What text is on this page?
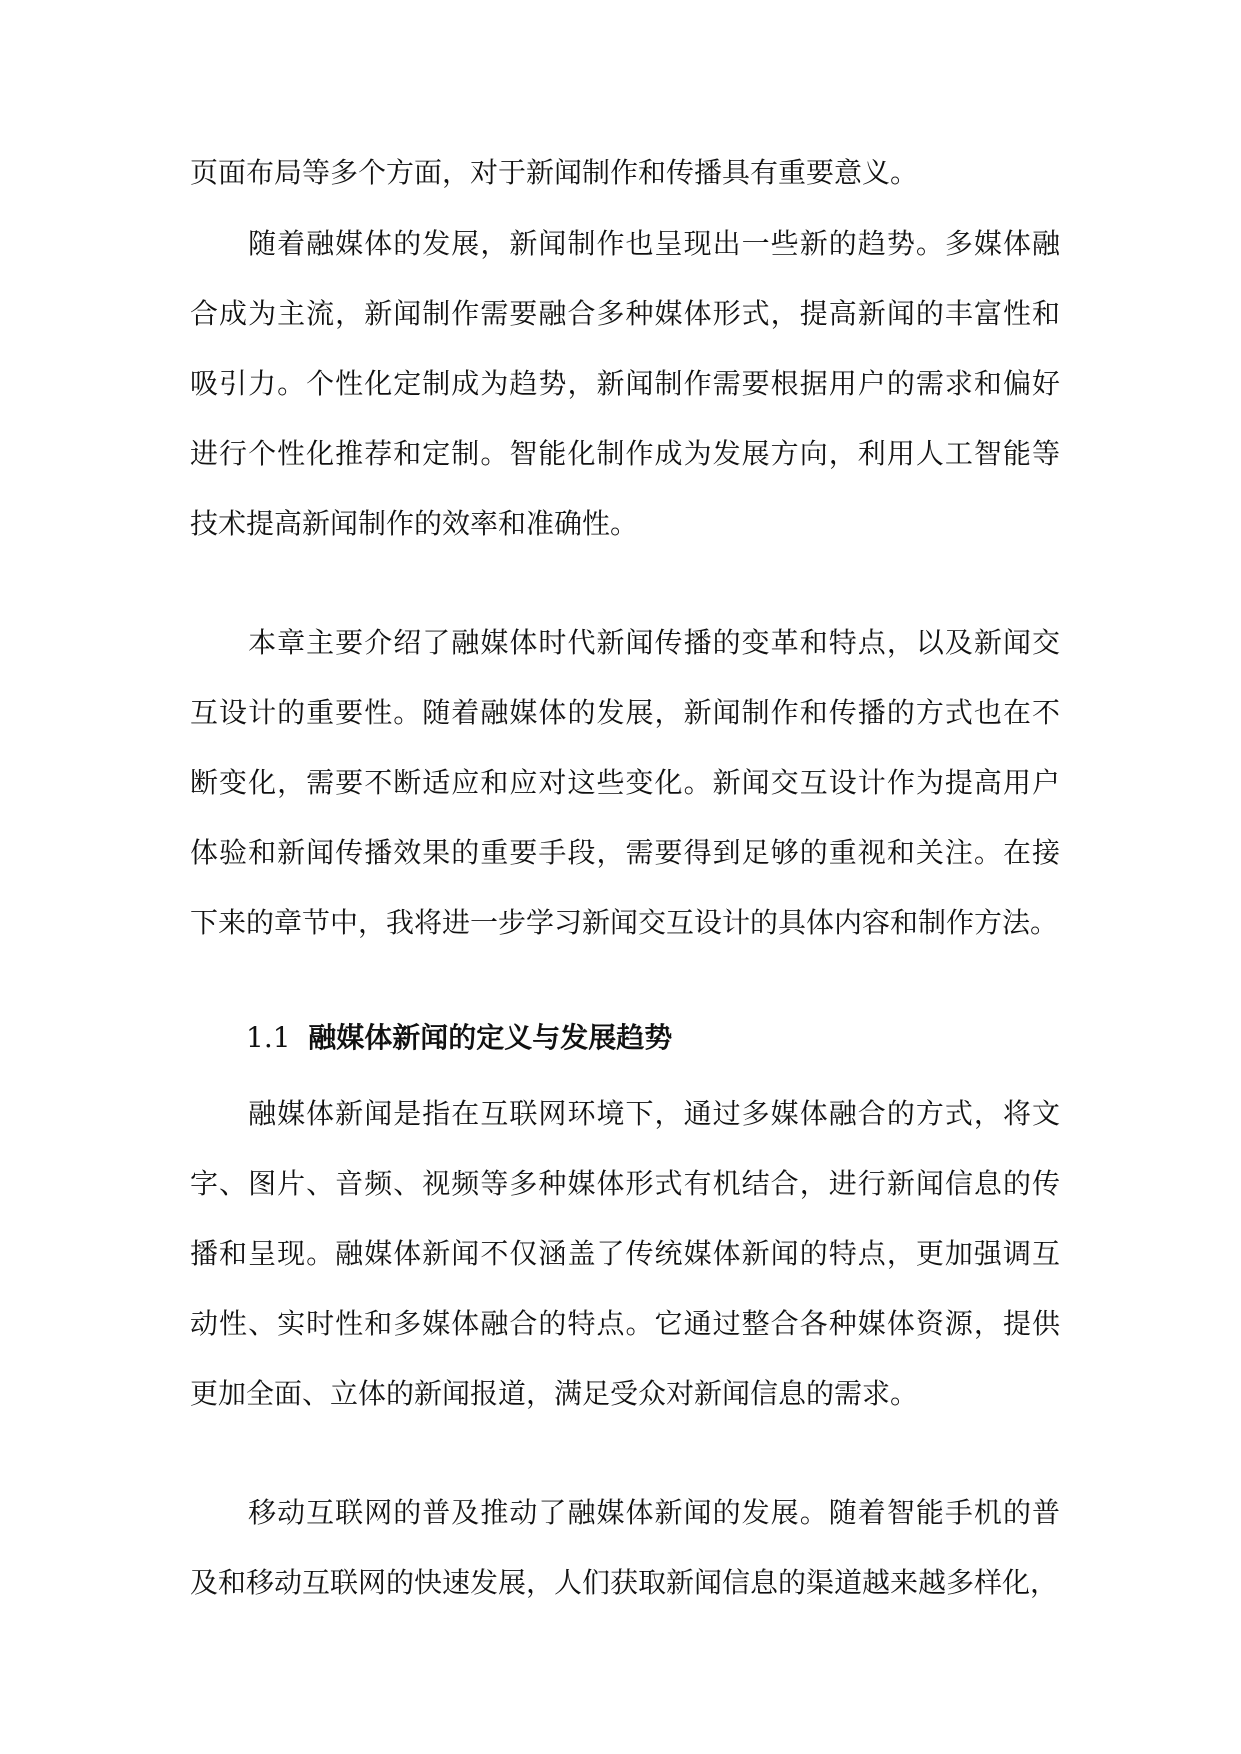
页面布局等多个方面，对于新闻制作和传播具有重要意义。
　　随着融媒体的发展，新闻制作也呈现出一些新的趋势。多媒体融
合成为主流，新闻制作需要融合多种媒体形式，提高新闻的丰富性和
吸引力。个性化定制成为趋势，新闻制作需要根据用户的需求和偏好
进行个性化推荐和定制。智能化制作成为发展方向，利用人工智能等
技术提高新闻制作的效率和准确性。
　　本章主要介绍了融媒体时代新闻传播的变革和特点，以及新闻交
互设计的重要性。随着融媒体的发展，新闻制作和传播的方式也在不
断变化，需要不断适应和应对这些变化。新闻交互设计作为提高用户
体验和新闻传播效果的重要手段，需要得到足够的重视和关注。在接
下来的章节中，我将进一步学习新闻交互设计的具体内容和制作方法。
1.1 融媒体新闻的定义与发展趋势
　　融媒体新闻是指在互联网环境下，通过多媒体融合的方式，将文
字、图片、音频、视频等多种媒体形式有机结合，进行新闻信息的传
播和呈现。融媒体新闻不仅涵盖了传统媒体新闻的特点，更加强调互
动性、实时性和多媒体融合的特点。它通过整合各种媒体资源，提供
更加全面、立体的新闻报道，满足受众对新闻信息的需求。
　　移动互联网的普及推动了融媒体新闻的发展。随着智能手机的普
及和移动互联网的快速发展，人们获取新闻信息的渠道越来越多样化，
